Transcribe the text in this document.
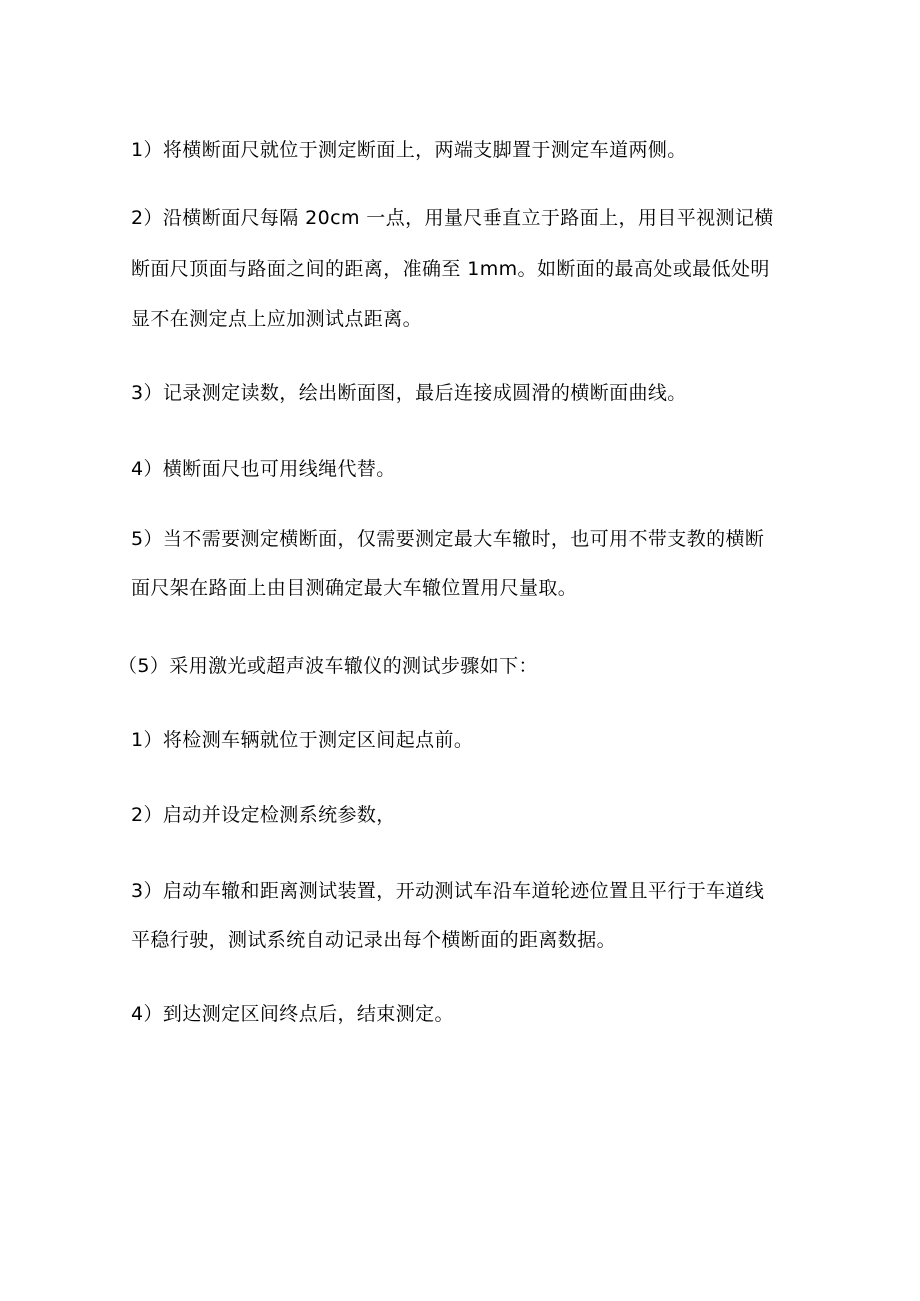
1）将横断面尺就位于测定断面上，两端支脚置于测定车道两侧。

2）沿横断面尺每隔 20cm 一点，用量尺垂直立于路面上，用目平视测记横

断面尺顶面与路面之间的距离，准确至 1mm。如断面的最高处或最低处明

显不在测定点上应加测试点距离。

3）记录测定读数，绘出断面图，最后连接成圆滑的横断面曲线。

4）横断面尺也可用线绳代替。

5）当不需要测定横断面，仅需要测定最大车辙时，也可用不带支教的横断

面尺架在路面上由目测确定最大车辙位置用尺量取。

（5）采用激光或超声波车辙仪的测试步骤如下：

1）将检测车辆就位于测定区间起点前。

2）启动并设定检测系统参数，

3）启动车辙和距离测试装置，开动测试车沿车道轮迹位置且平行于车道线

平稳行驶，测试系统自动记录出每个横断面的距离数据。

4）到达测定区间终点后，结束测定。
